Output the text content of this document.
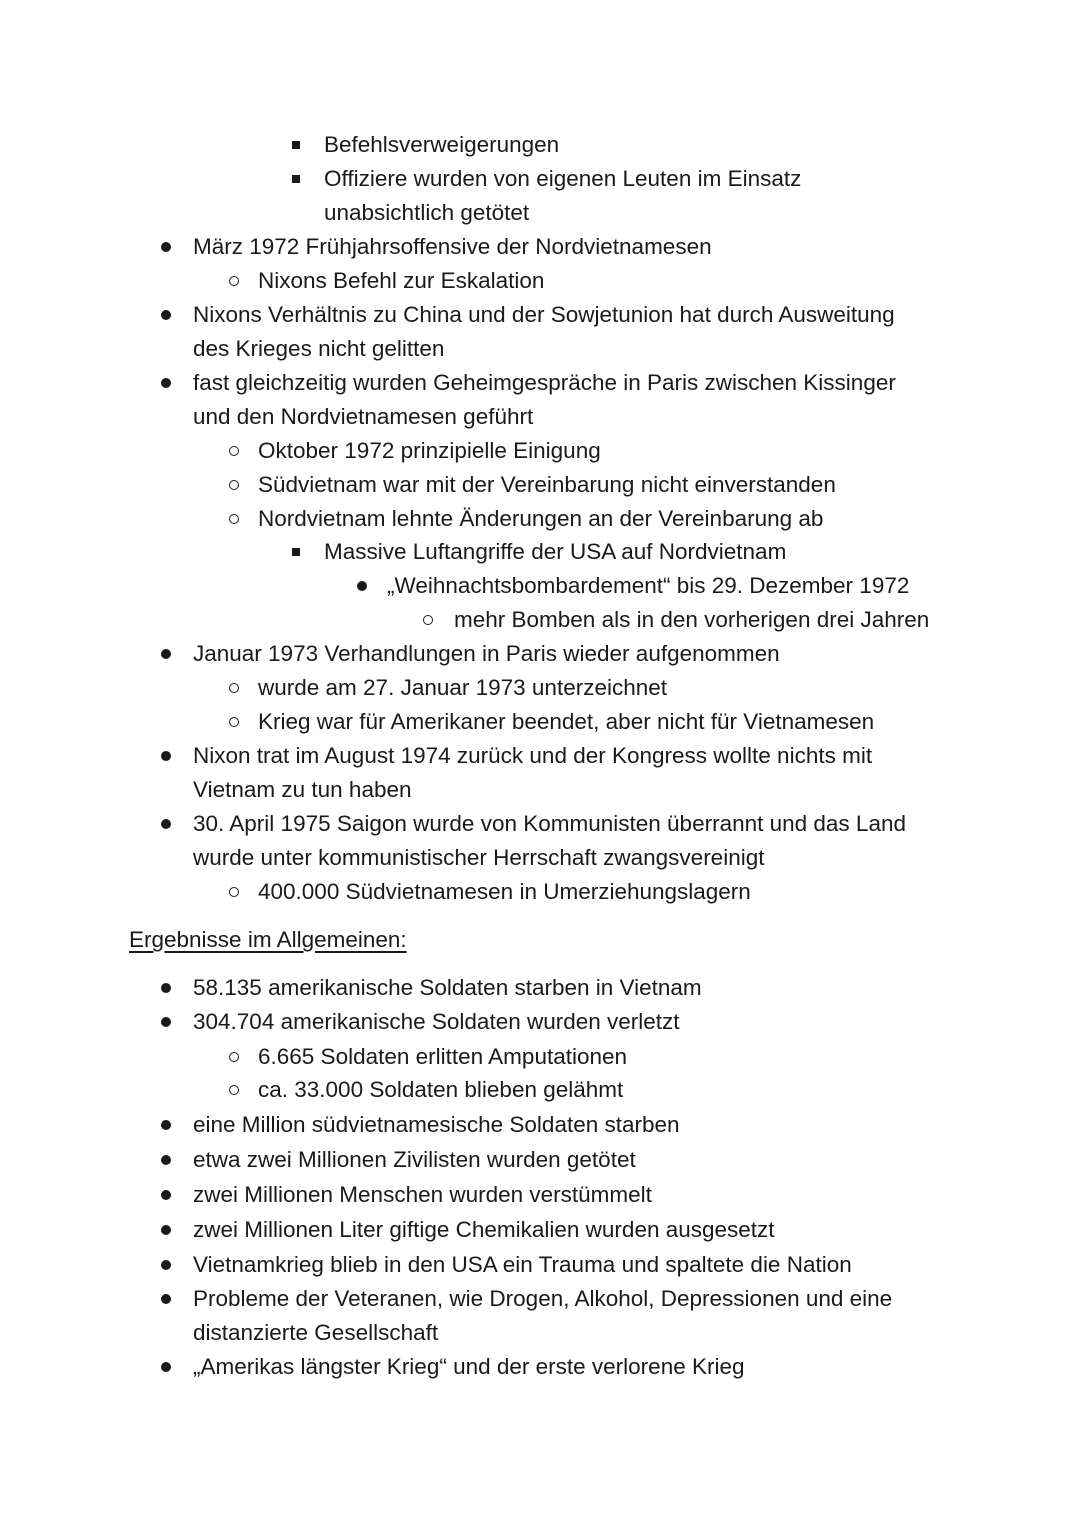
Befehlsverweigerungen
Offiziere wurden von eigenen Leuten im Einsatz
unabsichtlich getötet
März 1972 Frühjahrsoffensive der Nordvietnamesen
Nixons Befehl zur Eskalation
Nixons Verhältnis zu China und der Sowjetunion hat durch Ausweitung
des Krieges nicht gelitten
fast gleichzeitig wurden Geheimgespräche in Paris zwischen Kissinger
und den Nordvietnamesen geführt
Oktober 1972 prinzipielle Einigung
Südvietnam war mit der Vereinbarung nicht einverstanden
Nordvietnam lehnte Änderungen an der Vereinbarung ab
Massive Luftangriffe der USA auf Nordvietnam
„Weihnachtsbombardement“ bis 29. Dezember 1972
mehr Bomben als in den vorherigen drei Jahren
Januar 1973 Verhandlungen in Paris wieder aufgenommen
wurde am 27. Januar 1973 unterzeichnet
Krieg war für Amerikaner beendet, aber nicht für Vietnamesen
Nixon trat im August 1974 zurück und der Kongress wollte nichts mit
Vietnam zu tun haben
30. April 1975 Saigon wurde von Kommunisten überrannt und das Land
wurde unter kommunistischer Herrschaft zwangsvereinigt
400.000 Südvietnamesen in Umerziehungslagern
Ergebnisse im Allgemeinen:
58.135 amerikanische Soldaten starben in Vietnam
304.704 amerikanische Soldaten wurden verletzt
6.665 Soldaten erlitten Amputationen
ca. 33.000 Soldaten blieben gelähmt
eine Million südvietnamesische Soldaten starben
etwa zwei Millionen Zivilisten wurden getötet
zwei Millionen Menschen wurden verstümmelt
zwei Millionen Liter giftige Chemikalien wurden ausgesetzt
Vietnamkrieg blieb in den USA ein Trauma und spaltete die Nation
Probleme der Veteranen, wie Drogen, Alkohol, Depressionen und eine
distanzierte Gesellschaft
„Amerikas längster Krieg“ und der erste verlorene Krieg
